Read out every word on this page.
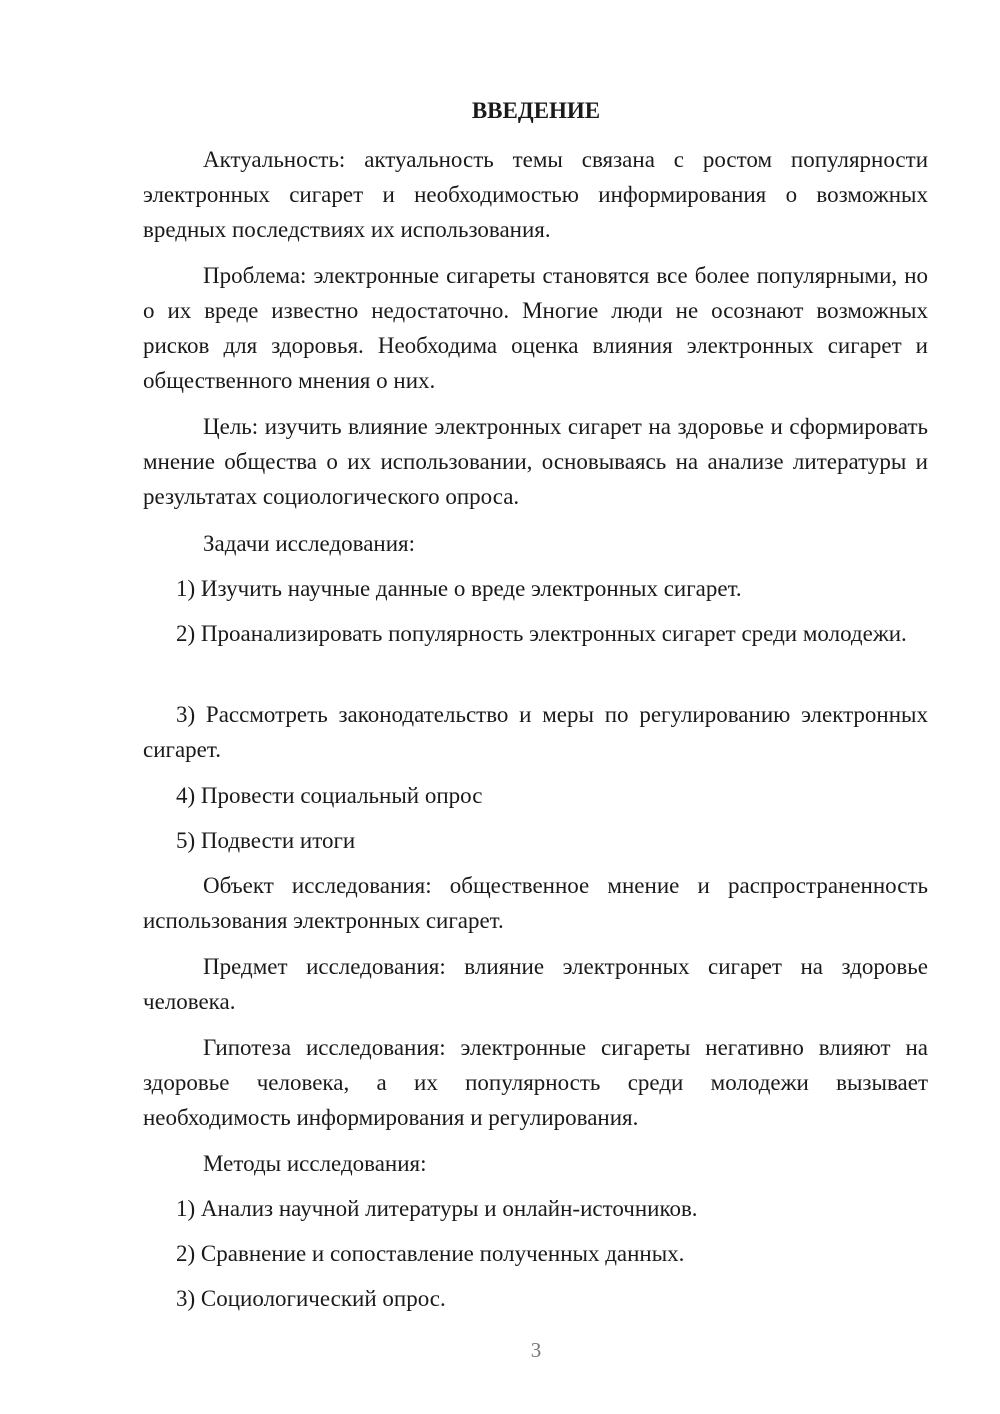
ВВЕДЕНИЕ

Актуальность: актуальность темы связана с ростом популярности электронных сигарет и необходимостью информирования о возможных вредных последствиях их использования.

Проблема: электронные сигареты становятся все более популярными, но о их вреде известно недостаточно. Многие люди не осознают возможных рисков для здоровья. Необходима оценка влияния электронных сигарет и общественного мнения о них.

Цель: изучить влияние электронных сигарет на здоровье и сформировать мнение общества о их использовании, основываясь на анализе литературы и результатах социологического опроса.

Задачи исследования:

1) Изучить научные данные о вреде электронных сигарет.

2) Проанализировать популярность электронных сигарет среди молодежи.

3) Рассмотреть законодательство и меры по регулированию электронных сигарет.

4) Провести социальный опрос

5) Подвести итоги

Объект исследования: общественное мнение и распространенность использования электронных сигарет.

Предмет исследования: влияние электронных сигарет на здоровье человека.

Гипотеза исследования: электронные сигареты негативно влияют на здоровье человека, а их популярность среди молодежи вызывает необходимость информирования и регулирования.

Методы исследования:

1) Анализ научной литературы и онлайн-источников.

2) Сравнение и сопоставление полученных данных.

3) Социологический опрос.

3
